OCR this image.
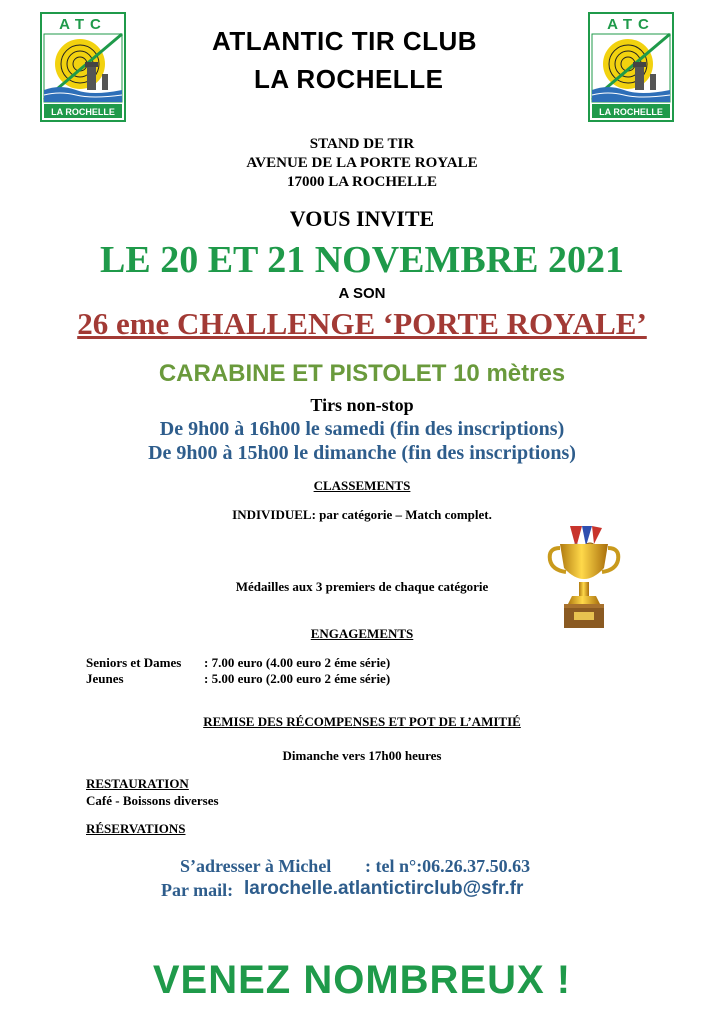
ATC
LA ROCHELLE
ATC
LA ROCHELLE
ATLANTIC TIR CLUB
LA ROCHELLE
STAND DE TIR
AVENUE DE LA PORTE ROYALE
17000 LA ROCHELLE
VOUS INVITE
LE 20 ET 21 NOVEMBRE 2021
A SON
26 eme CHALLENGE ‘PORTE ROYALE’
CARABINE ET PISTOLET 10 mètres
Tirs non-stop
De 9h00 à 16h00 le samedi (fin des inscriptions)
De 9h00 à 15h00 le dimanche (fin des inscriptions)
CLASSEMENTS
INDIVIDUEL: par catégorie – Match complet.
Médailles aux 3 premiers de chaque catégorie
ENGAGEMENTS
Seniors et Dames : 7.00 euro (4.00 euro 2 éme série)
Jeunes	: 5.00 euro (2.00 euro 2 éme série)
REMISE DES RÉCOMPENSES ET POT DE L’AMITIÉ
Dimanche vers 17h00 heures
RESTAURATION
Café - Boissons diverses
RÉSERVATIONS
S’adresser à Michel : tel n°:06.26.37.50.63
Par mail: larochelle.atlantictirclub@sfr.fr
VENEZ NOMBREUX !
